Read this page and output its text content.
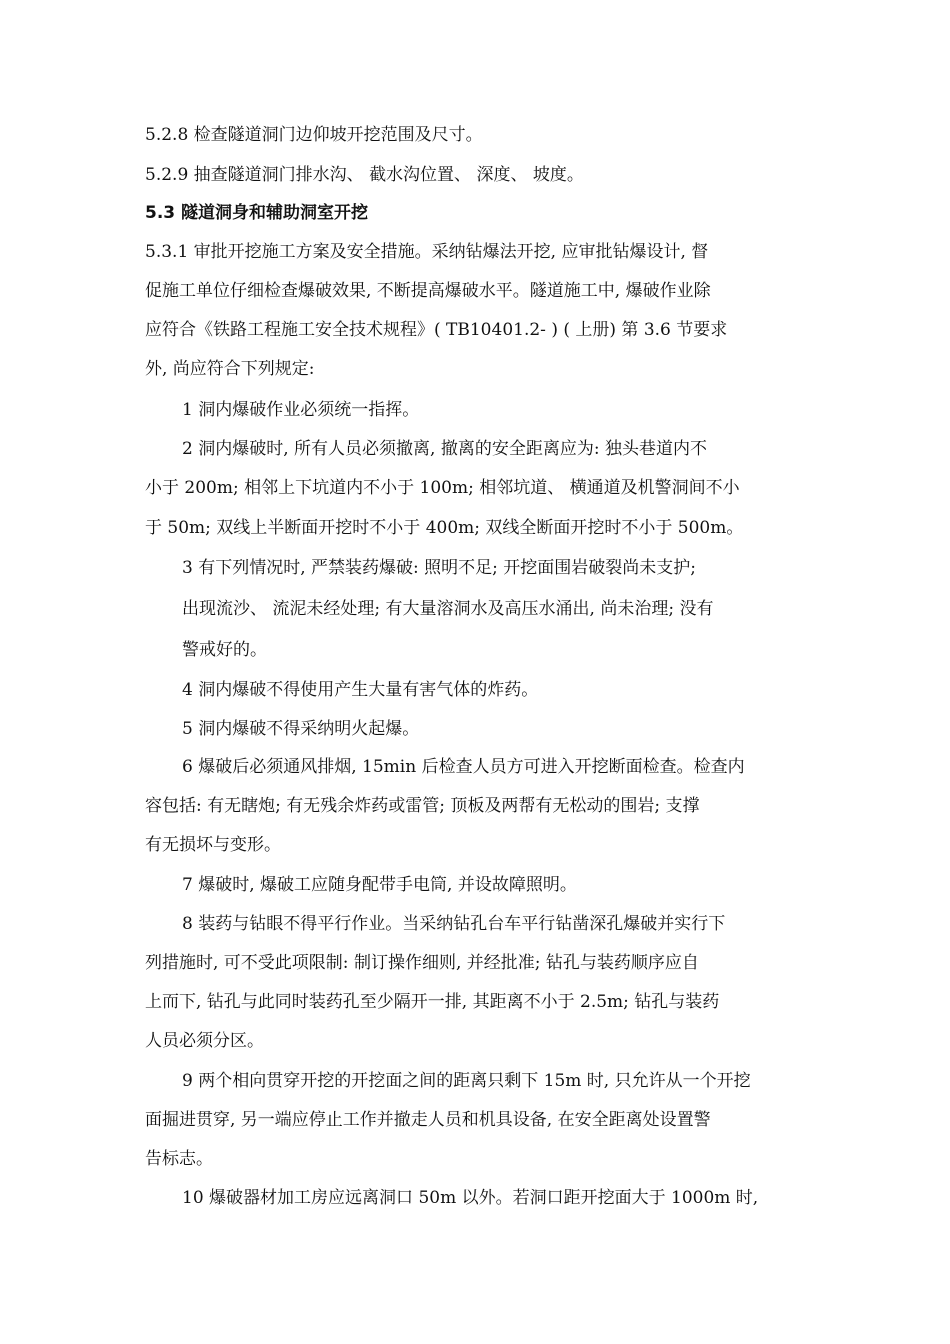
5.2.8 检查隧道洞门边仰坡开挖范围及尺寸。
5.2.9 抽查隧道洞门排水沟、 截水沟位置、 深度、 坡度。
5.3 隧道洞身和辅助洞室开挖
5.3.1 审批开挖施工方案及安全措施。采纳钻爆法开挖, 应审批钻爆设计, 督
促施工单位仔细检查爆破效果, 不断提高爆破水平。隧道施工中, 爆破作业除
应符合《铁路工程施工安全技术规程》( TB10401.2- ) ( 上册) 第 3.6 节要求
外, 尚应符合下列规定:
1 洞内爆破作业必须统一指挥。
2 洞内爆破时, 所有人员必须撤离, 撤离的安全距离应为: 独头巷道内不
小于 200m; 相邻上下坑道内不小于 100m; 相邻坑道、 横通道及机警洞间不小
于 50m; 双线上半断面开挖时不小于 400m; 双线全断面开挖时不小于 500m。
3 有下列情况时, 严禁装药爆破: 照明不足; 开挖面围岩破裂尚未支护;
出现流沙、 流泥未经处理; 有大量溶洞水及高压水涌出, 尚未治理; 没有
警戒好的。
4 洞内爆破不得使用产生大量有害气体的炸药。
5 洞内爆破不得采纳明火起爆。
6 爆破后必须通风排烟, 15min 后检查人员方可进入开挖断面检查。检查内
容包括: 有无瞎炮; 有无残余炸药或雷管; 顶板及两帮有无松动的围岩; 支撑
有无损坏与变形。
7 爆破时, 爆破工应随身配带手电筒, 并设故障照明。
8 装药与钻眼不得平行作业。当采纳钻孔台车平行钻凿深孔爆破并实行下
列措施时, 可不受此项限制: 制订操作细则, 并经批准; 钻孔与装药顺序应自
上而下, 钻孔与此同时装药孔至少隔开一排, 其距离不小于 2.5m; 钻孔与装药
人员必须分区。
9 两个相向贯穿开挖的开挖面之间的距离只剩下 15m 时, 只允许从一个开挖
面掘进贯穿, 另一端应停止工作并撤走人员和机具设备, 在安全距离处设置警
告标志。
10 爆破器材加工房应远离洞口 50m 以外。若洞口距开挖面大于 1000m 时,
